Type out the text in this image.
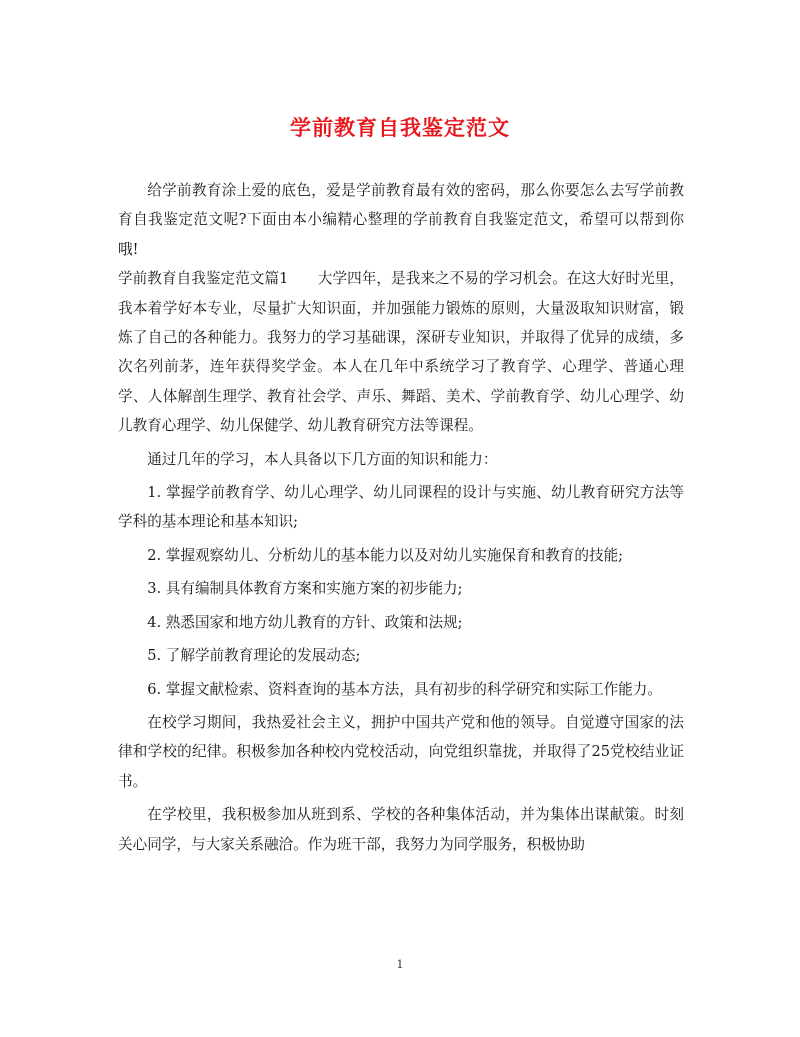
学前教育自我鉴定范文

给学前教育涂上爱的底色，爱是学前教育最有效的密码，那么你要怎么去写学前教育自我鉴定范文呢?下面由本小编精心整理的学前教育自我鉴定范文，希望可以帮到你哦!

学前教育自我鉴定范文篇1　　大学四年，是我来之不易的学习机会。在这大好时光里，我本着学好本专业，尽量扩大知识面，并加强能力锻炼的原则，大量汲取知识财富，锻炼了自己的各种能力。我努力的学习基础课，深研专业知识，并取得了优异的成绩，多次名列前茅，连年获得奖学金。本人在几年中系统学习了教育学、心理学、普通心理学、人体解剖生理学、教育社会学、声乐、舞蹈、美术、学前教育学、幼儿心理学、幼儿教育心理学、幼儿保健学、幼儿教育研究方法等课程。

通过几年的学习，本人具备以下几方面的知识和能力：

1. 掌握学前教育学、幼儿心理学、幼儿同课程的设计与实施、幼儿教育研究方法等学科的基本理论和基本知识;

2. 掌握观察幼儿、分析幼儿的基本能力以及对幼儿实施保育和教育的技能;

3. 具有编制具体教育方案和实施方案的初步能力;

4. 熟悉国家和地方幼儿教育的方针、政策和法规;

5. 了解学前教育理论的发展动态;

6. 掌握文献检索、资料查询的基本方法，具有初步的科学研究和实际工作能力。

在校学习期间，我热爱社会主义，拥护中国共产党和他的领导。自觉遵守国家的法律和学校的纪律。积极参加各种校内党校活动，向党组织靠拢，并取得了25党校结业证书。

在学校里，我积极参加从班到系、学校的各种集体活动，并为集体出谋献策。时刻关心同学，与大家关系融洽。作为班干部，我努力为同学服务，积极协助

1
